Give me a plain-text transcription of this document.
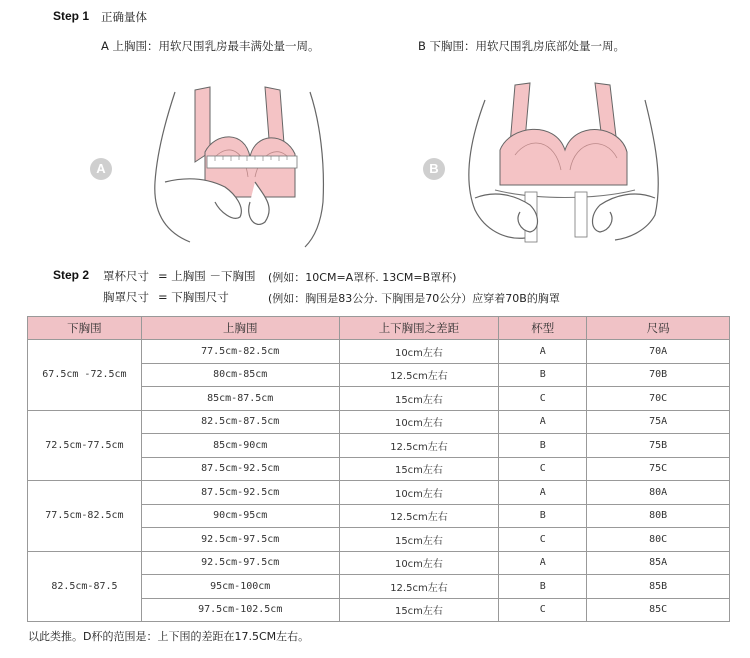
Step 1 正确量体
A 上胸围：用软尺围乳房最丰满处量一周。	B 下胸围：用软尺围乳房底部处量一周。
A	B
Step 2 罩杯尺寸 = 上胸围 －下胸围 (例如：10CM=A罩杯. 13CM=B罩杯)
胸罩尺寸 = 下胸围尺寸	(例如：胸围是83公分. 下胸围是70公分）应穿着70B的胸罩
下胸围	上胸围	上下胸围之差距	杯型	尺码
67.5cm -72.5cm	77.5cm-82.5cm	10cm左右	A	70A
	80cm-85cm	12.5cm左右	B	70B
	85cm-87.5cm	15cm左右	C	70C
72.5cm-77.5cm	82.5cm-87.5cm	10cm左右	A	75A
	85cm-90cm	12.5cm左右	B	75B
	87.5cm-92.5cm	15cm左右	C	75C
77.5cm-82.5cm	87.5cm-92.5cm	10cm左右	A	80A
	90cm-95cm	12.5cm左右	B	80B
	92.5cm-97.5cm	15cm左右	C	80C
82.5cm-87.5	92.5cm-97.5cm	10cm左右	A	85A
	95cm-100cm	12.5cm左右	B	85B
	97.5cm-102.5cm	15cm左右	C	85C
以此类推。D杯的范围是：上下围的差距在17.5CM左右。
